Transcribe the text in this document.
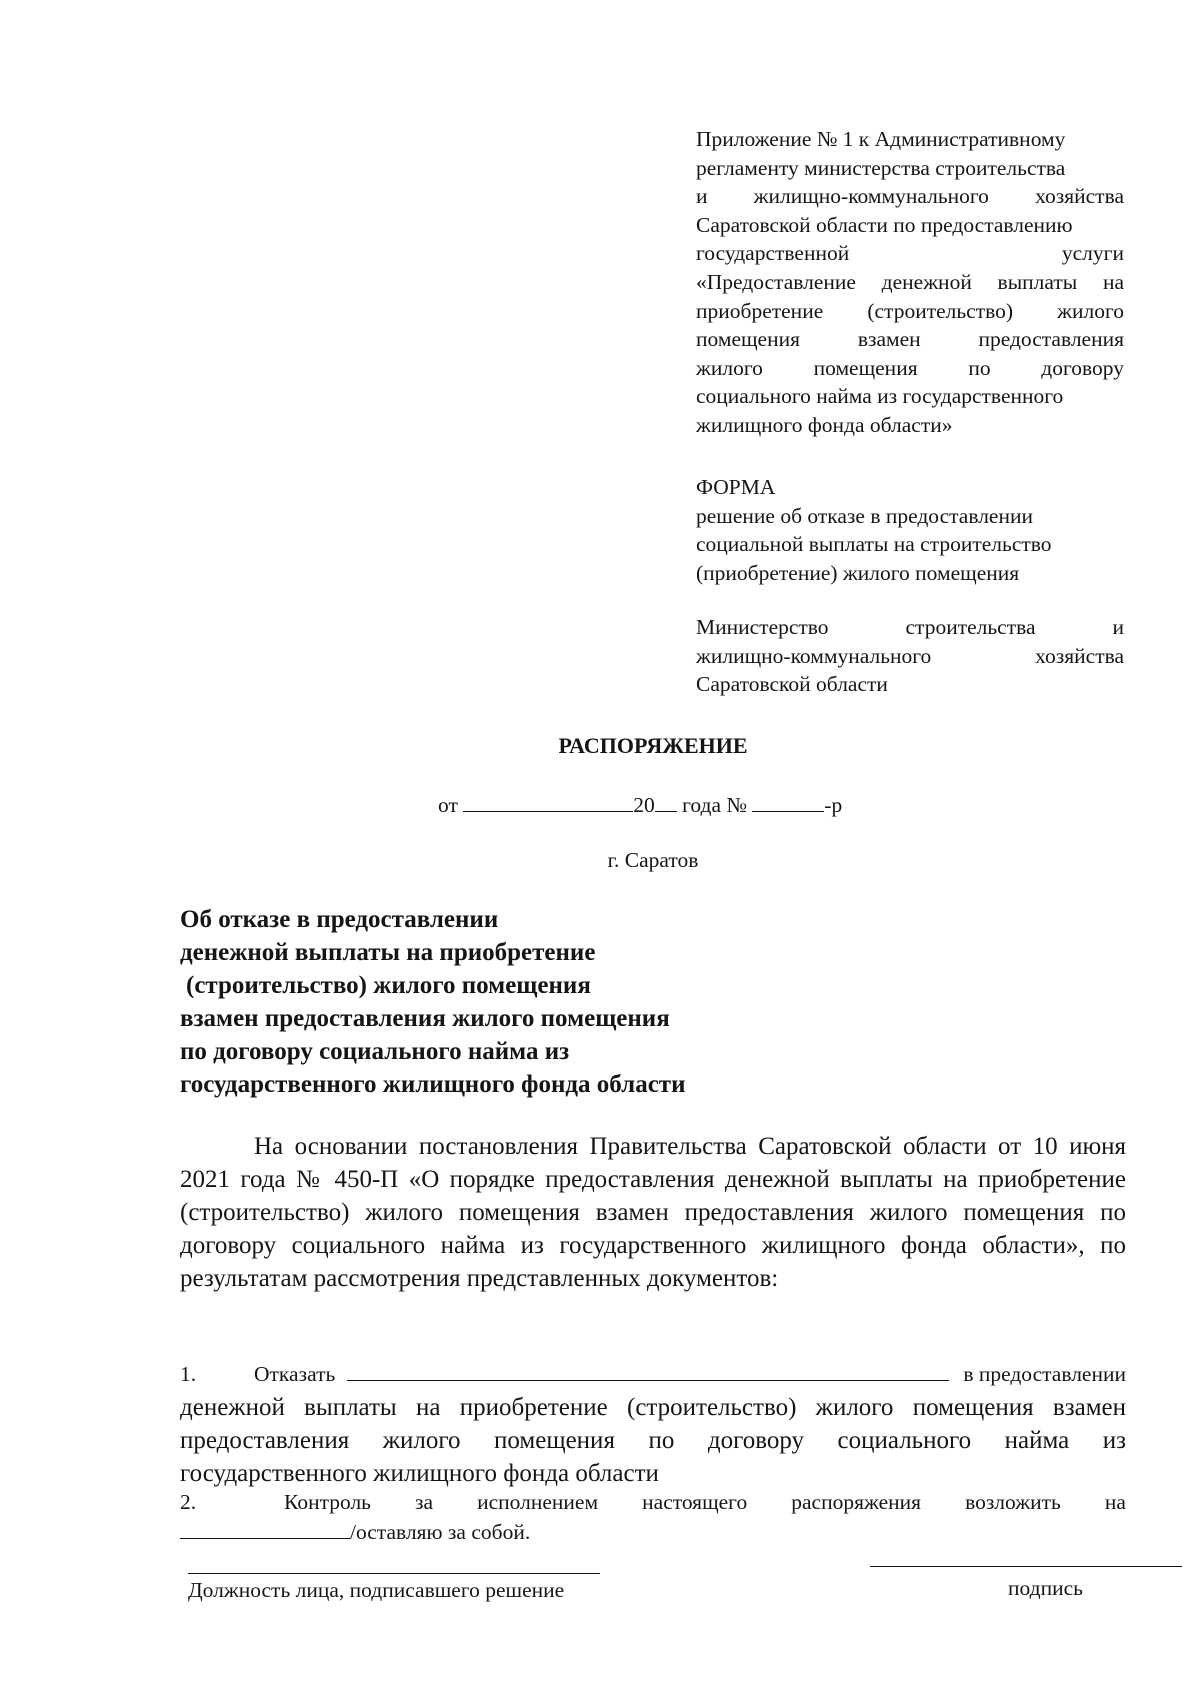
Приложение № 1 к Административному
регламенту министерства строительства
и жилищно-коммунального хозяйства
Саратовской области по предоставлению
государственной	услуги
«Предоставление денежной выплаты на
приобретение (строительство) жилого
помещения	взамен	предоставления
жилого помещения по договору
социального найма из государственного
жилищного фонда области»
ФОРМА
решение об отказе в предоставлении
социальной выплаты на строительство
(приобретение) жилого помещения
Министерство	строительства	и
жилищно-коммунального	хозяйства
Саратовской области
РАСПОРЯЖЕНИЕ
от	20 года №	-р
г. Саратов
Об отказе в предоставлении
денежной выплаты на приобретение
(строительство) жилого помещения
взамен предоставления жилого помещения
по договору социального найма из
государственного жилищного фонда области
На основании постановления Правительства Саратовской области от 10 июня 2021 года № 450-П «О порядке предоставления денежной выплаты на приобретение (строительство) жилого помещения взамен предоставления жилого помещения по договору социального найма из государственного жилищного фонда области», по результатам рассмотрения представленных документов:
1.	Отказать	в предоставлении
денежной выплаты на приобретение (строительство) жилого помещения взамен предоставления жилого помещения по договору социального найма из государственного жилищного фонда области
2.	Контроль за исполнением настоящего распоряжения возложить на
/оставляю за собой.
Должность лица, подписавшего решение	подпись
